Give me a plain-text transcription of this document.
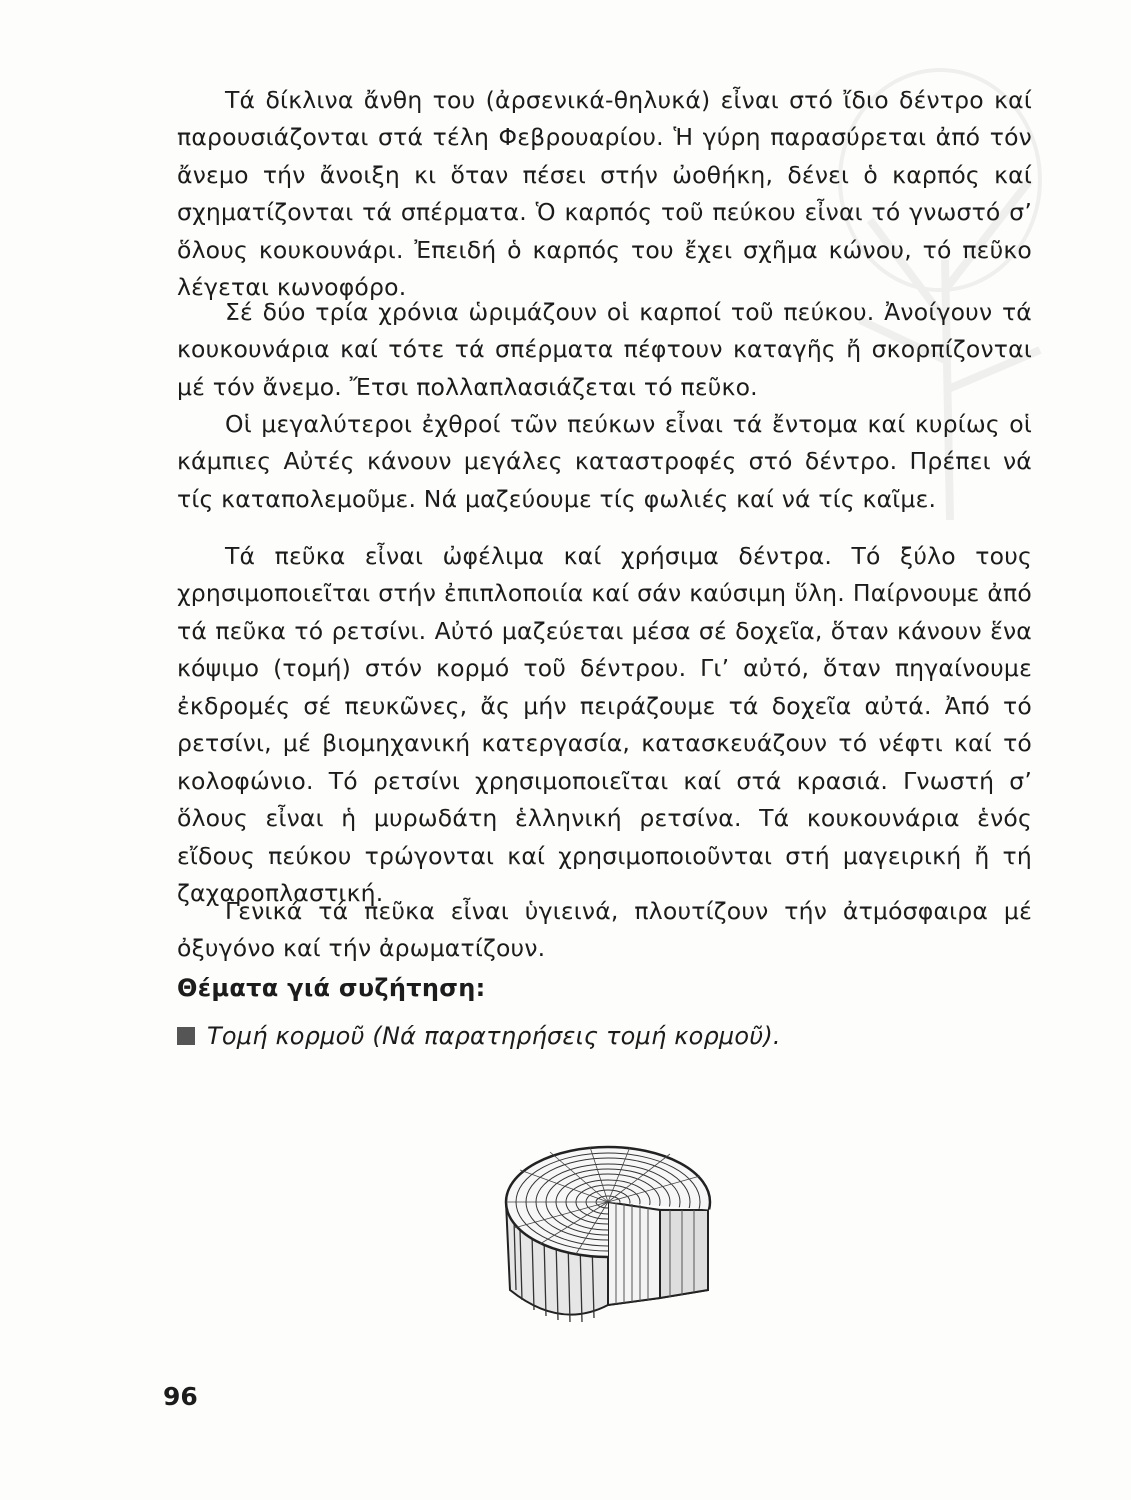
Τά δίκλινα ἄνθη του (ἀρσενικά-θηλυκά) εἶναι στό ἴδιο δέντρο καί παρουσιάζονται στά τέλη Φεβρουαρίου. Ἡ γύρη παρασύρεται ἀπό τόν ἄνεμο τήν ἄνοιξη κι ὅταν πέσει στήν ὠοθήκη, δένει ὁ καρπός καί σχηματίζονται τά σπέρματα. Ὁ καρπός τοῦ πεύκου εἶναι τό γνωστό σ’ ὅλους κουκουνάρι. Ἐπειδή ὁ καρπός του ἔχει σχῆμα κώνου, τό πεῦκο λέγεται κωνοφόρο.

Σέ δύο τρία χρόνια ὡριμάζουν οἱ καρποί τοῦ πεύκου. Ἀνοίγουν τά κουκουνάρια καί τότε τά σπέρματα πέφτουν καταγῆς ἤ σκορπίζονται μέ τόν ἄνεμο. Ἔτσι πολλαπλασιάζεται τό πεῦκο.

Οἱ μεγαλύτεροι ἐχθροί τῶν πεύκων εἶναι τά ἔντομα καί κυρίως οἱ κάμπιες Αὐτές κάνουν μεγάλες καταστροφές στό δέντρο. Πρέπει νά τίς καταπολεμοῦμε. Νά μαζεύουμε τίς φωλιές καί νά τίς καῖμε.

Τά πεῦκα εἶναι ὠφέλιμα καί χρήσιμα δέντρα. Τό ξύλο τους χρησιμοποιεῖται στήν ἐπιπλοποιία καί σάν καύσιμη ὕλη. Παίρνουμε ἀπό τά πεῦκα τό ρετσίνι. Αὐτό μαζεύεται μέσα σέ δοχεῖα, ὅταν κάνουν ἕνα κόψιμο (τομή) στόν κορμό τοῦ δέντρου. Γι’ αὐτό, ὅταν πηγαίνουμε ἐκδρομές σέ πευκῶνες, ἄς μήν πειράζουμε τά δοχεῖα αὐτά. Ἀπό τό ρετσίνι, μέ βιομηχανική κατεργασία, κατασκευάζουν τό νέφτι καί τό κολοφώνιο. Τό ρετσίνι χρησιμοποιεῖται καί στά κρασιά. Γνωστή σ’ ὅλους εἶναι ἡ μυρωδάτη ἑλληνική ρετσίνα. Τά κουκουνάρια ἑνός εἴδους πεύκου τρώγονται καί χρησιμοποιοῦνται στή μαγειρική ἤ τή ζαχαροπλαστική.

Γενικά τά πεῦκα εἶναι ὑγιεινά, πλουτίζουν τήν ἀτμόσφαιρα μέ ὀξυγόνο καί τήν ἀρωματίζουν.

Θέματα γιά συζήτηση:
Τομή κορμοῦ (Νά παρατηρήσεις τομή κορμοῦ).
96
